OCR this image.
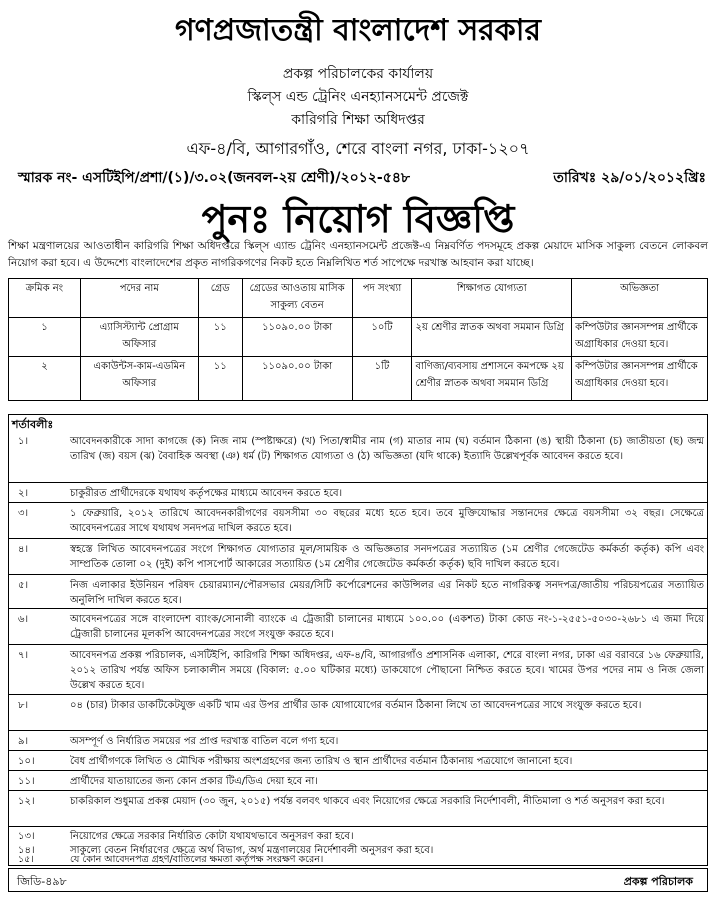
গণপ্রজাতন্ত্রী বাংলাদেশ সরকার
প্রকল্প পরিচালকের কার্যালয়
স্কিল্স এন্ড ট্রেনিং এনহ্যানসমেন্ট প্রজেক্ট
কারিগরি শিক্ষা অধিদপ্তর
এফ-৪/বি, আগারগাঁও, শেরে বাংলা নগর, ঢাকা-১২০৭
স্মারক নং- এসটিইপি/প্রশা/(১)/৩.০২(জনবল-২য় শ্রেণী)/২০১২-৫৪৮	তারিখঃ ২৯/০১/২০১২খ্রিঃ
পুনঃ নিয়োগ বিজ্ঞপ্তি
শিক্ষা মন্ত্রণালয়ের আওতাধীন কারিগরি শিক্ষা অধিদপ্তরে স্কিল্স এ্যান্ড ট্রেনিং এনহ্যানসমেন্ট প্রজেক্ট-এ নিম্নবর্ণিত পদসমূহে প্রকল্প মেয়াদে মাসিক সাকুল্য বেতনে লোকবল নিয়োগ করা হবে। এ উদ্দেশ্যে বাংলাদেশের প্রকৃত নাগরিকগণের নিকট হতে নিম্নলিখিত শর্ত সাপেক্ষে দরখাস্ত আহবান করা যাচ্ছে।
ক্রমিক নং	পদের নাম	গ্রেড	গ্রেডের আওতায় মাসিক সাকুল্য বেতন	পদ সংখ্যা	শিক্ষাগত যোগ্যতা	অভিজ্ঞতা
১	এ্যাসিস্ট্যান্ট প্রোগ্রাম অফিসার	১১	১১০৯০.০০ টাকা	১০টি	২য় শ্রেণীর স্নাতক অথবা সমমান ডিগ্রি	কম্পিউটার জ্ঞানসম্পন্ন প্রার্থীকে অগ্রাধিকার দেওয়া হবে।
২	একাউন্টস-কাম-এডমিন অফিসার	১১	১১০৯০.০০ টাকা	১টি	বাণিজ্য/ব্যবসায় প্রশাসনে কমপক্ষে ২য় শ্রেণীর স্নাতক অথবা সমমান ডিগ্রি	কম্পিউটার জ্ঞানসম্পন্ন প্রার্থীকে অগ্রাধিকার দেওয়া হবে।
শর্তাবলীঃ
১।	আবেদনকারীকে সাদা কাগজে (ক) নিজ নাম (স্পষ্টাক্ষরে) (খ) পিতা/স্বামীর নাম (গ) মাতার নাম (ঘ) বর্তমান ঠিকানা (ঙ) স্থায়ী ঠিকানা (চ) জাতীয়তা (ছ) জন্ম তারিখ (জ) বয়স (ঝ) বৈবাহিক অবস্থা (ঞ) ধর্ম (ট) শিক্ষাগত যোগ্যতা ও (ঠ) অভিজ্ঞতা (যদি থাকে) ইত্যাদি উল্লেখপূর্বক আবেদন করতে হবে।
২।	চাকুরীরত প্রার্থীদেরকে যথাযথ কর্তৃপক্ষের মাধ্যমে আবেদন করতে হবে।
৩।	১ ফেব্রুয়ারি, ২০১২ তারিখে আবেদনকারীগণের বয়সসীমা ৩০ বছরের মধ্যে হতে হবে। তবে মুক্তিযোদ্ধার সন্তানদের ক্ষেত্রে বয়সসীমা ৩২ বছর। সেক্ষেত্রে আবেদনপত্রের সাথে যথাযথ সনদপত্র দাখিল করতে হবে।
৪।	স্বহস্তে লিখিত আবেদনপত্রের সংগে শিক্ষাগত যোগ্যতার মূল/সাময়িক ও অভিজ্ঞতার সনদপত্রের সত্যায়িত (১ম শ্রেণীর গেজেটেড কর্মকর্তা কর্তৃক) কপি এবং সাম্প্রতিক তোলা ০২ (দুই) কপি পাসপোর্ট আকারের সত্যায়িত (১ম শ্রেণীর গেজেটেড কর্মকর্তা কর্তৃক) ছবি দাখিল করতে হবে।
৫।	নিজ এলাকার ইউনিয়ন পরিষদ চেয়ারম্যান/পৌরসভার মেয়র/সিটি কর্পোরেশনের কাউন্সিলর এর নিকট হতে নাগরিকত্ব সনদপত্র/জাতীয় পরিচয়পত্রের সত্যায়িত অনুলিপি দাখিল করতে হবে।
৬।	আবেদনপত্রের সঙ্গে বাংলাদেশ ব্যাংক/সোনালী ব্যাংকে এ ট্রেজারী চালানের মাধ্যমে ১০০.০০ (একশত) টাকা কোড নং-১-২৫৫১-৫০৩০-২৬৮১ এ জমা দিয়ে ট্রেজারী চালানের মূলকপি আবেদনপত্রের সংগে সংযুক্ত করতে হবে।
৭।	আবেদনপত্র প্রকল্প পরিচালক, এসটিইপি, কারিগরি শিক্ষা অধিদপ্তর, এফ-৪/বি, আগারগাঁও প্রশাসনিক এলাকা, শেরে বাংলা নগর, ঢাকা এর বরাবরে ১৬ ফেব্রুয়ারি, ২০১২ তারিখ পর্যন্ত অফিস চলাকালীন সময়ে (বিকাল: ৫.০০ ঘটিকার মধ্যে) ডাকযোগে পৌছানো নিশ্চিত করতে হবে। খামের উপর পদের নাম ও নিজ জেলা উল্লেখ করতে হবে।
৮।	০৪ (চার) টাকার ডাকটিকেটযুক্ত একটি খাম এর উপর প্রার্থীর ডাক যোগাযোগের বর্তমান ঠিকানা লিখে তা আবেদনপত্রের সাথে সংযুক্ত করতে হবে।
৯।	অসম্পূর্ণ ও নির্ধারিত সময়ের পর প্রাপ্ত দরখাস্ত বাতিল বলে গণ্য হবে।
১০।	বৈধ প্রার্থীগণকে লিখিত ও মৌখিক পরীক্ষায় অংশগ্রহণের জন্য তারিখ ও স্থান প্রার্থীদের বর্তমান ঠিকানায় পত্রযোগে জানানো হবে।
১১।	প্রার্থীদের যাতায়াতের জন্য কোন প্রকার টিএ/ডিএ দেয়া হবে না।
১২।	চাকরিকাল শুধুমাত্র প্রকল্প মেয়াদ (৩০ জুন, ২০১৫) পর্যন্ত বলবৎ থাকবে এবং নিয়োগের ক্ষেত্রে সরকারি নির্দেশাবলী, নীতিমালা ও শর্ত অনুসরণ করা হবে।
১৩।	নিয়োগের ক্ষেত্রে সরকার নির্ধারিত কোটা যথাযথভাবে অনুসরণ করা হবে।
১৪।	সাকুল্যে বেতন নির্ধারণের ক্ষেত্রে অর্থ বিভাগ, অর্থ মন্ত্রণালয়ের নির্দেশাবলী অনুসরণ করা হবে।
১৫।	যে কোন আবেদনপত্র গ্রহণ/বাতিলের ক্ষমতা কর্তৃপক্ষ সংরক্ষণ করেন।
জিডি-৪৯৮	প্রকল্প পরিচালক
